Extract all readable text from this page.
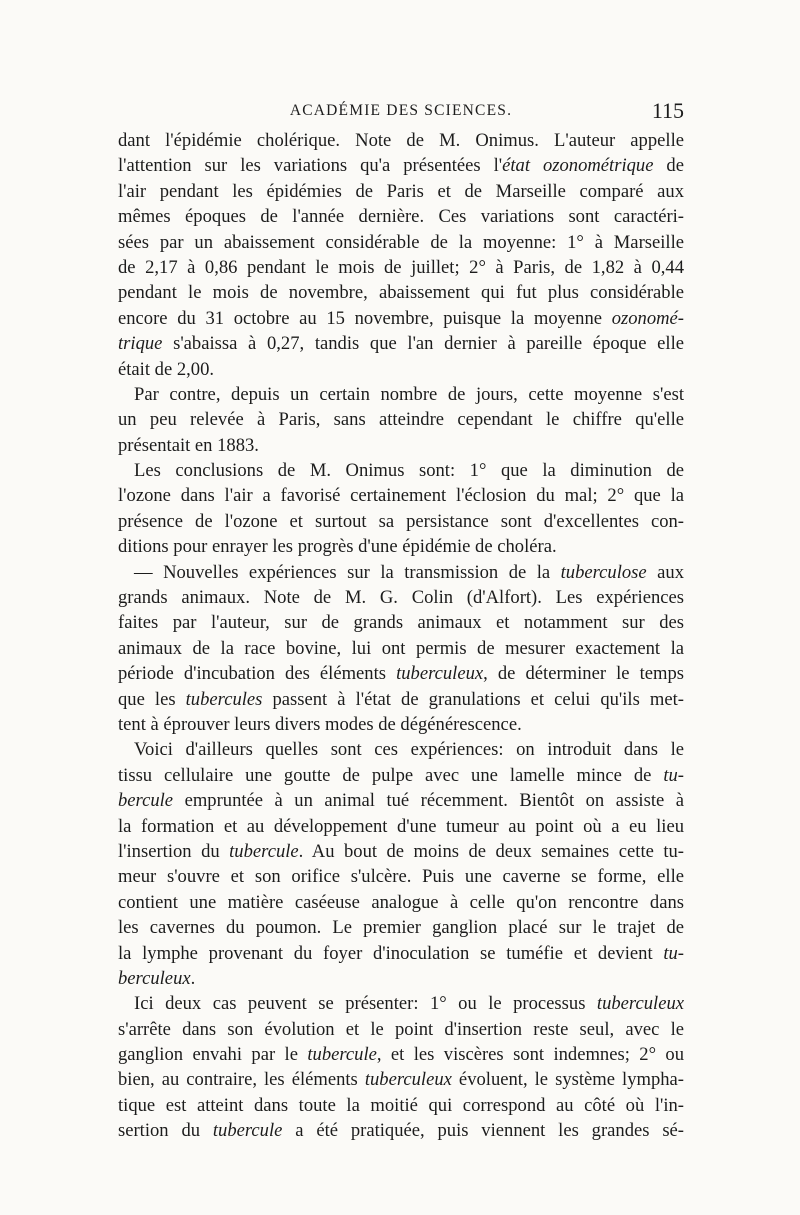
ACADÉMIE DES SCIENCES.	115
dant l'épidémie cholérique. Note de M. Onimus. L'auteur appelle
l'attention sur les variations qu'a présentées l'état ozonométrique de
l'air pendant les épidémies de Paris et de Marseille comparé aux
mêmes époques de l'année dernière. Ces variations sont caractéri-
sées par un abaissement considérable de la moyenne: 1° à Marseille
de 2,17 à 0,86 pendant le mois de juillet; 2° à Paris, de 1,82 à 0,44
pendant le mois de novembre, abaissement qui fut plus considérable
encore du 31 octobre au 15 novembre, puisque la moyenne ozonomé-
trique s'abaissa à 0,27, tandis que l'an dernier à pareille époque elle
était de 2,00.
Par contre, depuis un certain nombre de jours, cette moyenne s'est
un peu relevée à Paris, sans atteindre cependant le chiffre qu'elle
présentait en 1883.
Les conclusions de M. Onimus sont: 1° que la diminution de
l'ozone dans l'air a favorisé certainement l'éclosion du mal; 2° que la
présence de l'ozone et surtout sa persistance sont d'excellentes con-
ditions pour enrayer les progrès d'une épidémie de choléra.
— Nouvelles expériences sur la transmission de la tuberculose aux
grands animaux. Note de M. G. Colin (d'Alfort). Les expériences
faites par l'auteur, sur de grands animaux et notamment sur des
animaux de la race bovine, lui ont permis de mesurer exactement la
période d'incubation des éléments tuberculeux, de déterminer le temps
que les tubercules passent à l'état de granulations et celui qu'ils met-
tent à éprouver leurs divers modes de dégénérescence.
Voici d'ailleurs quelles sont ces expériences: on introduit dans le
tissu cellulaire une goutte de pulpe avec une lamelle mince de tu-
bercule empruntée à un animal tué récemment. Bientôt on assiste à
la formation et au développement d'une tumeur au point où a eu lieu
l'insertion du tubercule. Au bout de moins de deux semaines cette tu-
meur s'ouvre et son orifice s'ulcère. Puis une caverne se forme, elle
contient une matière caséeuse analogue à celle qu'on rencontre dans
les cavernes du poumon. Le premier ganglion placé sur le trajet de
la lymphe provenant du foyer d'inoculation se tuméfie et devient tu-
berculeux.
Ici deux cas peuvent se présenter: 1° ou le processus tuberculeux
s'arrête dans son évolution et le point d'insertion reste seul, avec le
ganglion envahi par le tubercule, et les viscères sont indemnes; 2° ou
bien, au contraire, les éléments tuberculeux évoluent, le système lympha-
tique est atteint dans toute la moitié qui correspond au côté où l'in-
sertion du tubercule a été pratiquée, puis viennent les grandes sé-
